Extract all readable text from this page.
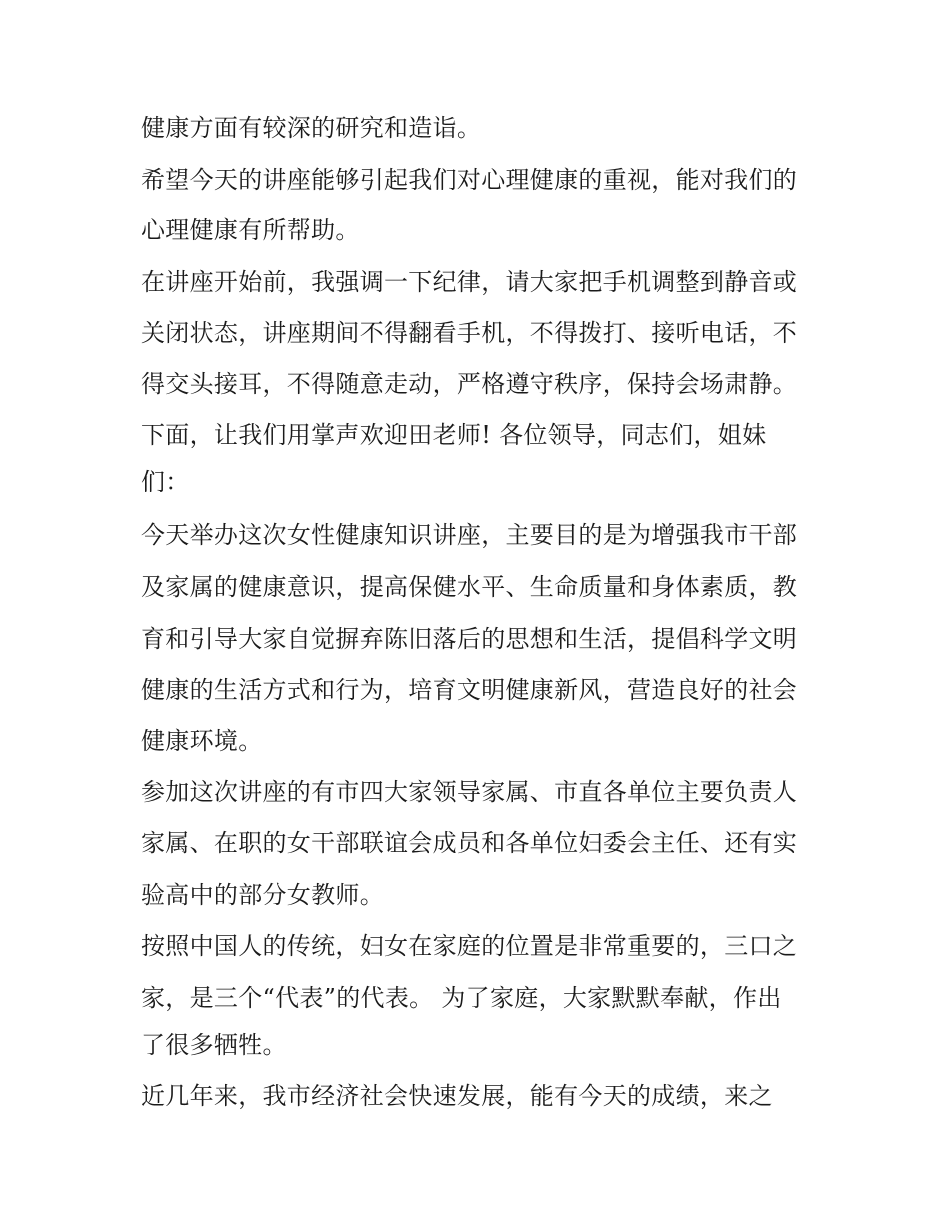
健康方面有较深的研究和造诣。

希望今天的讲座能够引起我们对心理健康的重视，能对我们的

心理健康有所帮助。

在讲座开始前，我强调一下纪律，请大家把手机调整到静音或

关闭状态，讲座期间不得翻看手机，不得拨打、接听电话，不

得交头接耳，不得随意走动，严格遵守秩序，保持会场肃静。

下面，让我们用掌声欢迎田老师! 各位领导，同志们，姐妹

们：

今天举办这次女性健康知识讲座，主要目的是为增强我市干部

及家属的健康意识，提高保健水平、生命质量和身体素质，教

育和引导大家自觉摒弃陈旧落后的思想和生活，提倡科学文明

健康的生活方式和行为，培育文明健康新风，营造良好的社会

健康环境。

参加这次讲座的有市四大家领导家属、市直各单位主要负责人

家属、在职的女干部联谊会成员和各单位妇委会主任、还有实

验高中的部分女教师。

按照中国人的传统，妇女在家庭的位置是非常重要的，三口之

家，是三个“代表”的代表。 为了家庭，大家默默奉献，作出

了很多牺牲。

近几年来，我市经济社会快速发展，能有今天的成绩，来之
